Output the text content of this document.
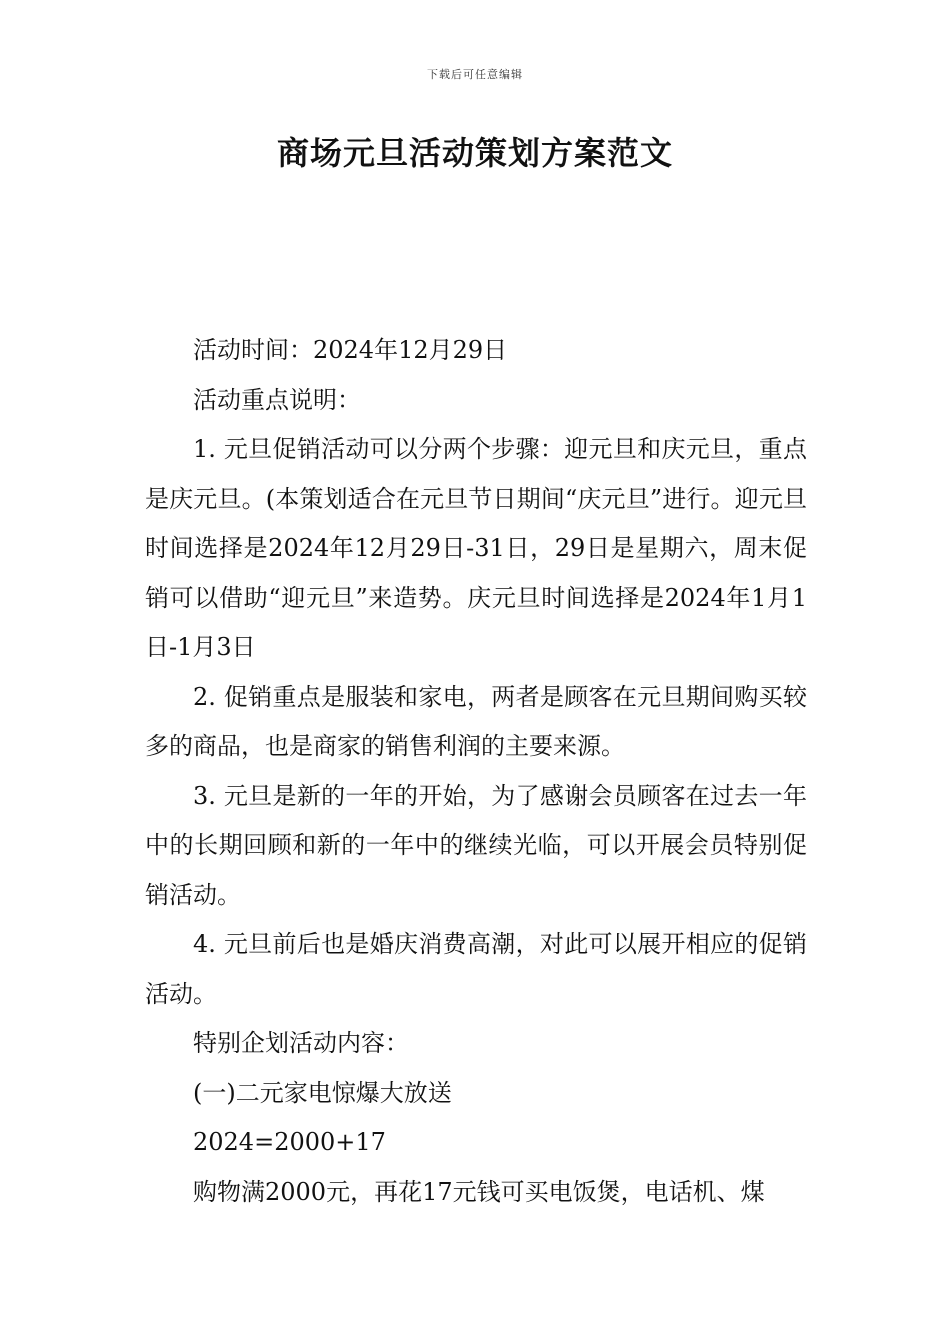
下载后可任意编辑
商场元旦活动策划方案范文

活动时间：2024年12月29日

活动重点说明：

1. 元旦促销活动可以分两个步骤：迎元旦和庆元旦，重点是庆元旦。(本策划适合在元旦节日期间“庆元旦”进行。迎元旦时间选择是2024年12月29日-31日，29日是星期六，周末促销可以借助“迎元旦”来造势。庆元旦时间选择是2024年1月1日-1月3日

2. 促销重点是服装和家电，两者是顾客在元旦期间购买较多的商品，也是商家的销售利润的主要来源。

3. 元旦是新的一年的开始，为了感谢会员顾客在过去一年中的长期回顾和新的一年中的继续光临，可以开展会员特别促销活动。

4. 元旦前后也是婚庆消费高潮，对此可以展开相应的促销活动。

特别企划活动内容：

(一)二元家电惊爆大放送

2024=2000+17

购物满2000元，再花17元钱可买电饭煲，电话机、煤
